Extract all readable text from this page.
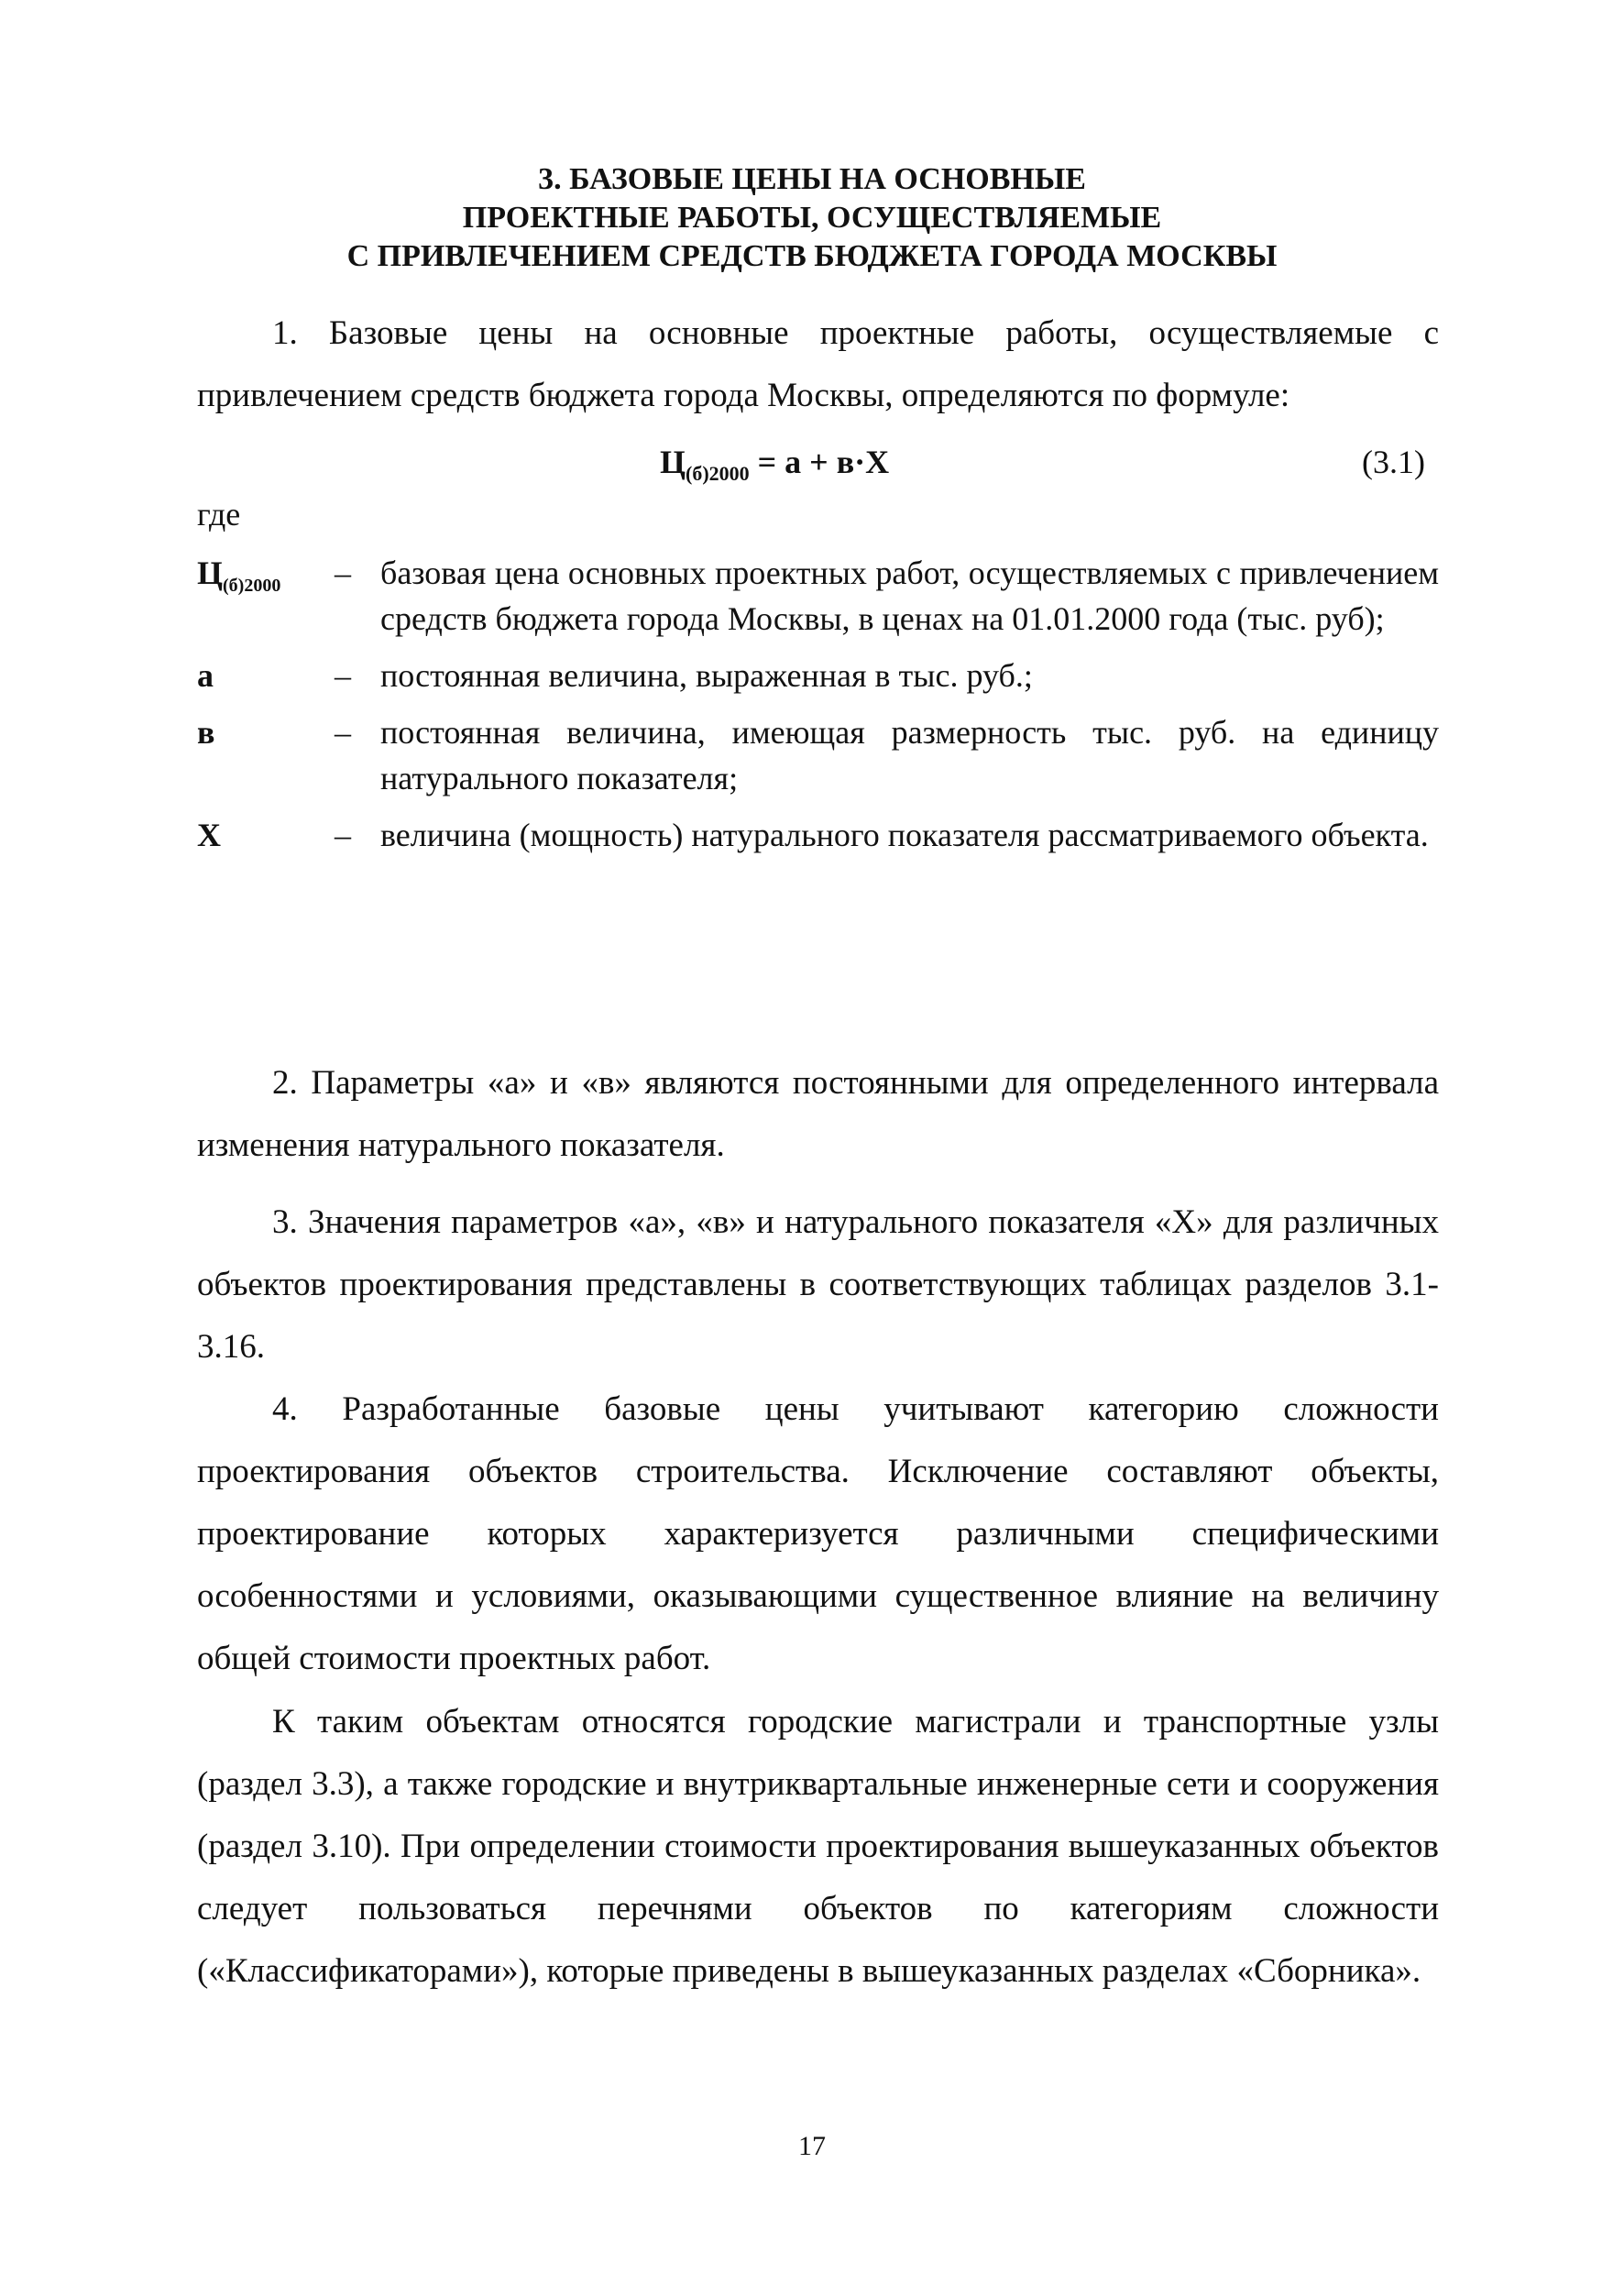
3. БАЗОВЫЕ ЦЕНЫ НА ОСНОВНЫЕ
ПРОЕКТНЫЕ РАБОТЫ, ОСУЩЕСТВЛЯЕМЫЕ
С ПРИВЛЕЧЕНИЕМ СРЕДСТВ БЮДЖЕТА ГОРОДА МОСКВЫ
1. Базовые цены на основные проектные работы, осуществляемые с привлечением средств бюджета города Москвы, определяются по формуле:
$Ц_{(б)2000} = а + в\cdot Х$	(3.1)
где
$Ц_{(б)2000}$ – базовая цена основных проектных работ, осуществляемых с привлечением средств бюджета города Москвы, в ценах на 01.01.2000 года (тыс. руб);
а	– постоянная величина, выраженная в тыс. руб.;
в	– постоянная величина, имеющая размерность тыс. руб. на единицу натурального показателя;
Х	– величина (мощность) натурального показателя рассматриваемого объекта.
2. Параметры «а» и «в» являются постоянными для определенного интервала изменения натурального показателя.
3. Значения параметров «а», «в» и натурального показателя «Х» для различных объектов проектирования представлены в соответствующих таблицах разделов 3.1-3.16.
4. Разработанные базовые цены учитывают категорию сложности проектирования объектов строительства. Исключение составляют объекты, проектирование которых характеризуется различными специфическими особенностями и условиями, оказывающими существенное влияние на величину общей стоимости проектных работ.
К таким объектам относятся городские магистрали и транспортные узлы (раздел 3.3), а также городские и внутриквартальные инженерные сети и сооружения (раздел 3.10). При определении стоимости проектирования вышеуказанных объектов следует пользоваться перечнями объектов по категориям сложности («Классификаторами»), которые приведены в вышеуказанных разделах «Сборника».
17
